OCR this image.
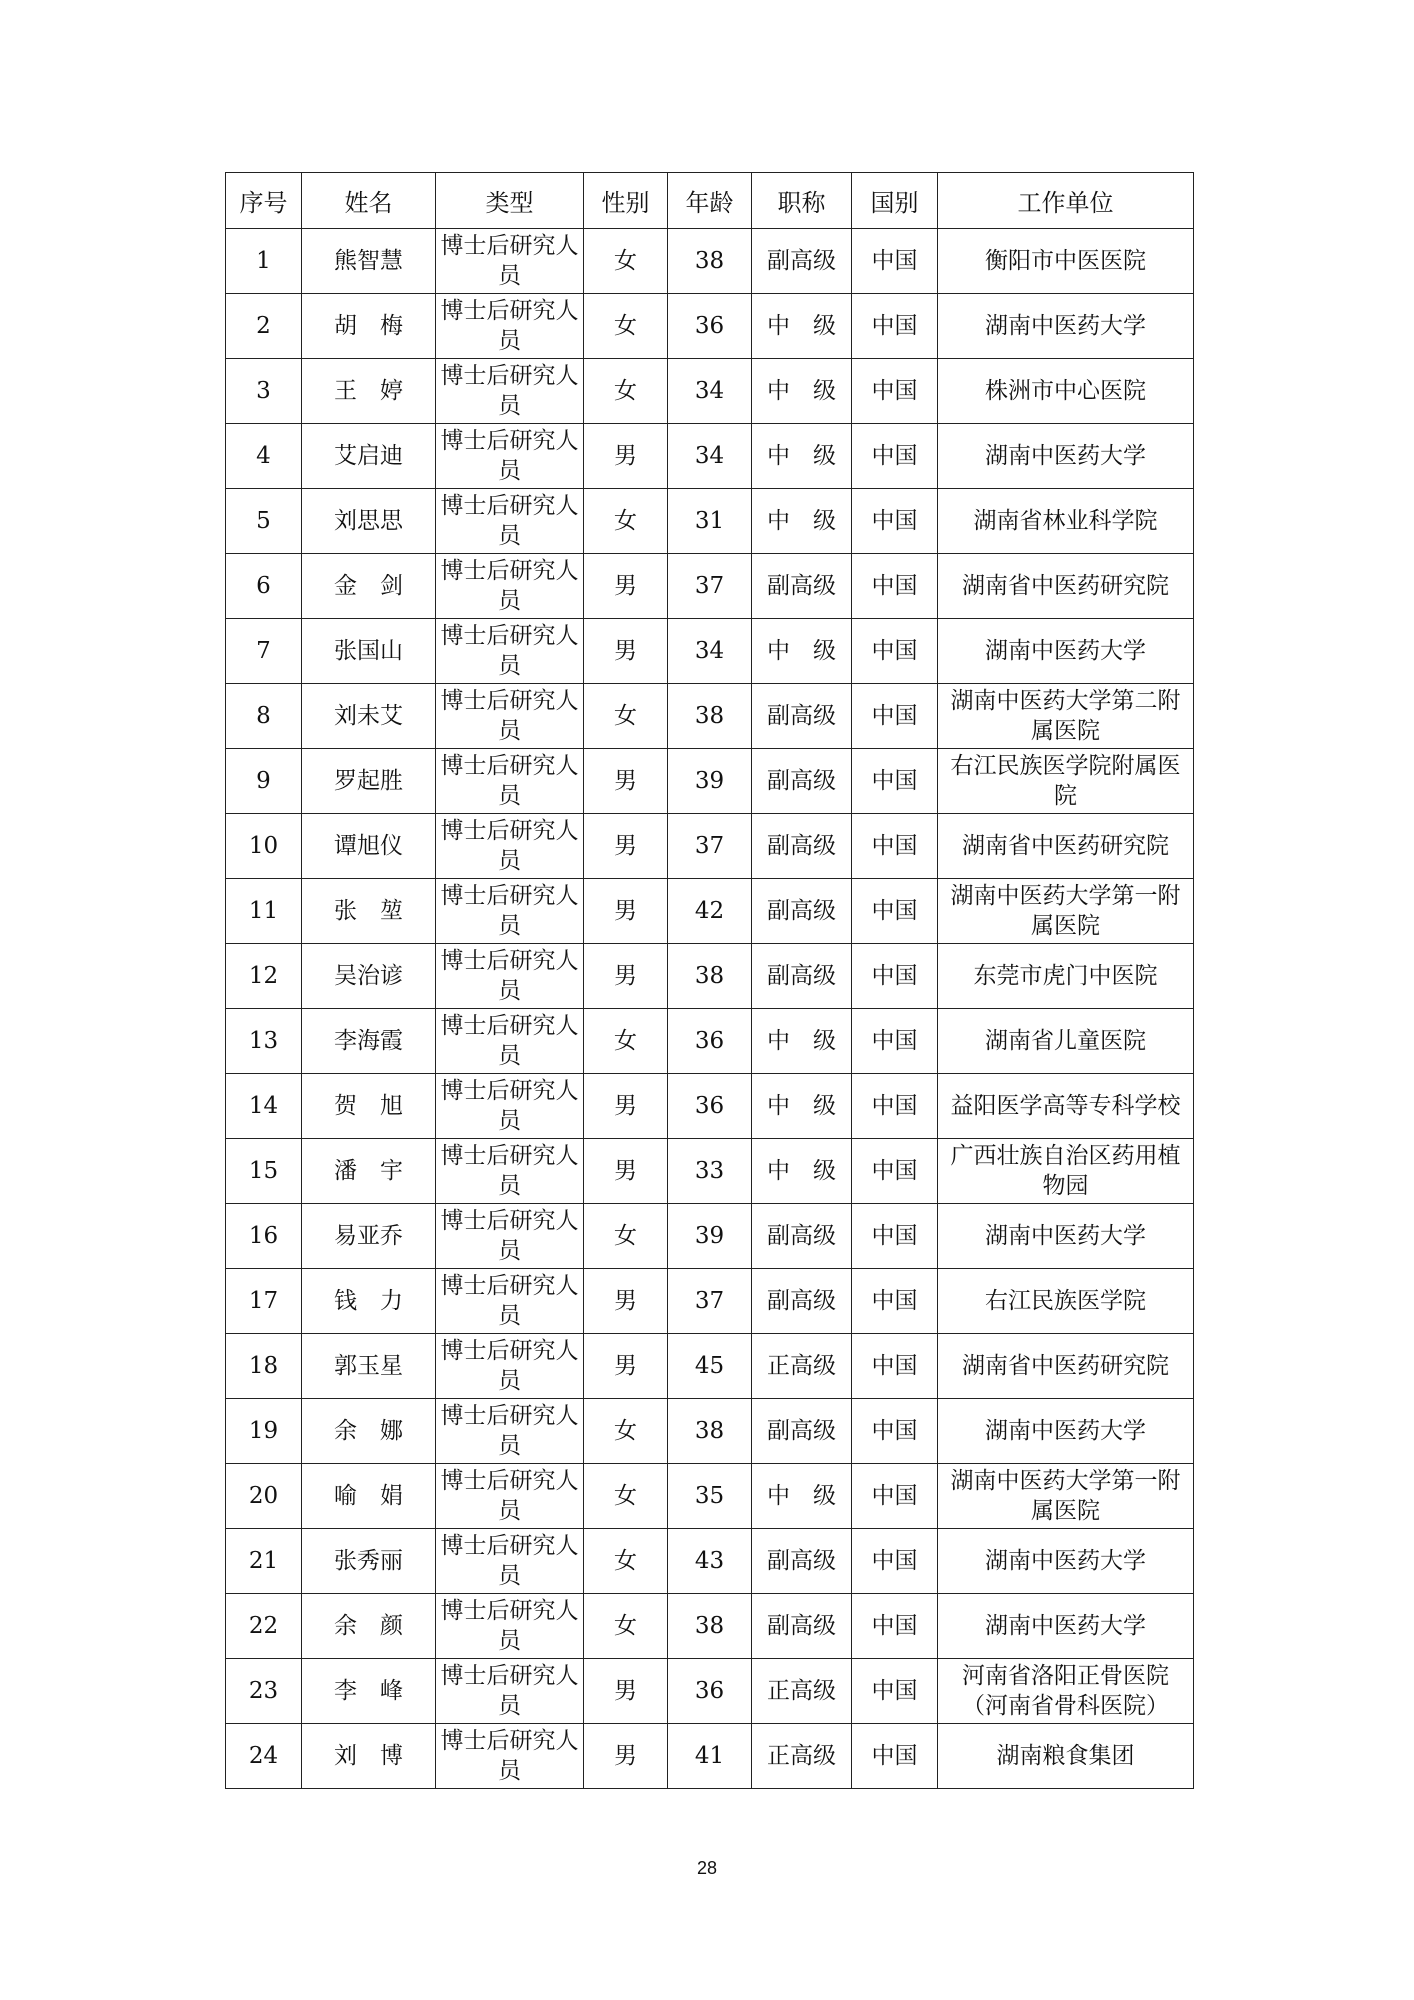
序号	姓名	类型	性别	年龄	职称	国别	工作单位
1	熊智慧	博士后研究人员	女	38	副高级	中国	衡阳市中医医院
2	胡　梅	博士后研究人员	女	36	中　级	中国	湖南中医药大学
3	王　婷	博士后研究人员	女	34	中　级	中国	株洲市中心医院
4	艾启迪	博士后研究人员	男	34	中　级	中国	湖南中医药大学
5	刘思思	博士后研究人员	女	31	中　级	中国	湖南省林业科学院
6	金　剑	博士后研究人员	男	37	副高级	中国	湖南省中医药研究院
7	张国山	博士后研究人员	男	34	中　级	中国	湖南中医药大学
8	刘未艾	博士后研究人员	女	38	副高级	中国	湖南中医药大学第二附属医院
9	罗起胜	博士后研究人员	男	39	副高级	中国	右江民族医学院附属医院
10	谭旭仪	博士后研究人员	男	37	副高级	中国	湖南省中医药研究院
11	张　堃	博士后研究人员	男	42	副高级	中国	湖南中医药大学第一附属医院
12	吴治谚	博士后研究人员	男	38	副高级	中国	东莞市虎门中医院
13	李海霞	博士后研究人员	女	36	中　级	中国	湖南省儿童医院
14	贺　旭	博士后研究人员	男	36	中　级	中国	益阳医学高等专科学校
15	潘　宇	博士后研究人员	男	33	中　级	中国	广西壮族自治区药用植物园
16	易亚乔	博士后研究人员	女	39	副高级	中国	湖南中医药大学
17	钱　力	博士后研究人员	男	37	副高级	中国	右江民族医学院
18	郭玉星	博士后研究人员	男	45	正高级	中国	湖南省中医药研究院
19	余　娜	博士后研究人员	女	38	副高级	中国	湖南中医药大学
20	喻　娟	博士后研究人员	女	35	中　级	中国	湖南中医药大学第一附属医院
21	张秀丽	博士后研究人员	女	43	副高级	中国	湖南中医药大学
22	余　颜	博士后研究人员	女	38	副高级	中国	湖南中医药大学
23	李　峰	博士后研究人员	男	36	正高级	中国	河南省洛阳正骨医院（河南省骨科医院）
24	刘　博	博士后研究人员	男	41	正高级	中国	湖南粮食集团
28
